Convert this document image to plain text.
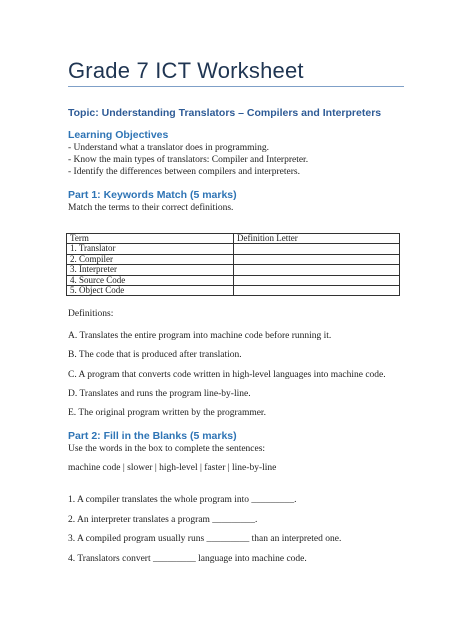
Grade 7 ICT Worksheet
Topic: Understanding Translators – Compilers and Interpreters
Learning Objectives
- Understand what a translator does in programming.
- Know the main types of translators: Compiler and Interpreter.
- Identify the differences between compilers and interpreters.
Part 1: Keywords Match (5 marks)
Match the terms to their correct definitions.
Term	Definition Letter
1. Translator	
2. Compiler	
3. Interpreter	
4. Source Code	
5. Object Code	
Definitions:
A. Translates the entire program into machine code before running it.
B. The code that is produced after translation.
C. A program that converts code written in high-level languages into machine code.
D. Translates and runs the program line-by-line.
E. The original program written by the programmer.
Part 2: Fill in the Blanks (5 marks)
Use the words in the box to complete the sentences:
machine code | slower | high-level | faster | line-by-line
1. A compiler translates the whole program into _________.
2. An interpreter translates a program _________.
3. A compiled program usually runs _________ than an interpreted one.
4. Translators convert _________ language into machine code.
